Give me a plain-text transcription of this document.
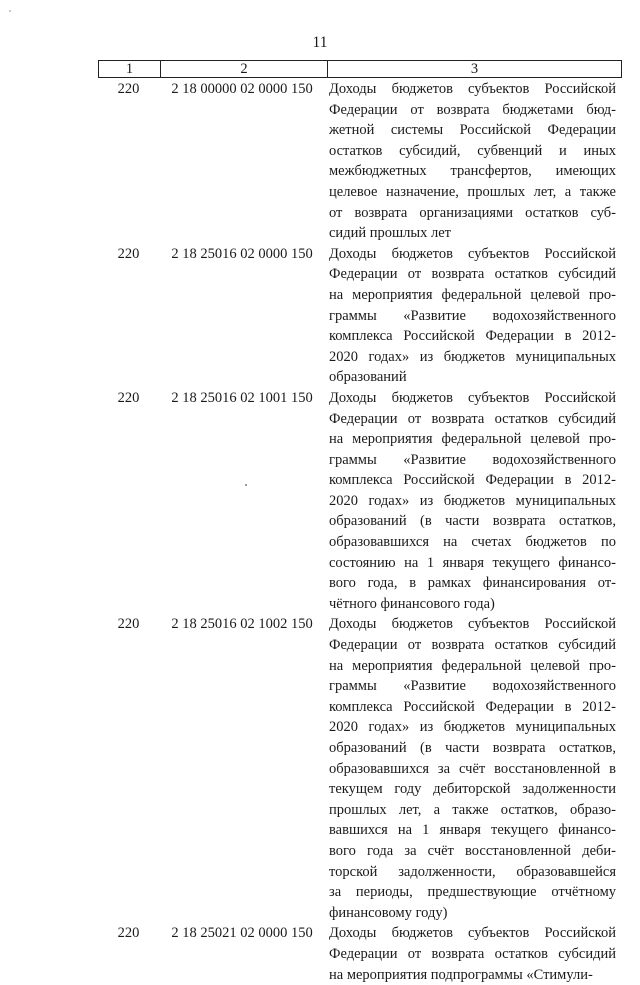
11
1	2	3
220	2 18 00000 02 0000 150	Доходы бюджетов субъектов Российской
Федерации от возврата бюджетами бюд-
жетной системы Российской Федерации
остатков субсидий, субвенций и иных
межбюджетных трансфертов, имеющих
целевое назначение, прошлых лет, а также
от возврата организациями остатков суб-
сидий прошлых лет
220	2 18 25016 02 0000 150	Доходы бюджетов субъектов Российской
Федерации от возврата остатков субсидий
на мероприятия федеральной целевой про-
граммы «Развитие водохозяйственного
комплекса Российской Федерации в 2012-
2020 годах» из бюджетов муниципальных
образований
220	2 18 25016 02 1001 150	Доходы бюджетов субъектов Российской
Федерации от возврата остатков субсидий
на мероприятия федеральной целевой про-
граммы «Развитие водохозяйственного
комплекса Российской Федерации в 2012-
2020 годах» из бюджетов муниципальных
образований (в части возврата остатков,
образовавшихся на счетах бюджетов по
состоянию на 1 января текущего финансо-
вого года, в рамках финансирования от-
чётного финансового года)
220	2 18 25016 02 1002 150	Доходы бюджетов субъектов Российской
Федерации от возврата остатков субсидий
на мероприятия федеральной целевой про-
граммы «Развитие водохозяйственного
комплекса Российской Федерации в 2012-
2020 годах» из бюджетов муниципальных
образований (в части возврата остатков,
образовавшихся за счёт восстановленной в
текущем году дебиторской задолженности
прошлых лет, а также остатков, образо-
вавшихся на 1 января текущего финансо-
вого года за счёт восстановленной деби-
торской задолженности, образовавшейся
за периоды, предшествующие отчётному
финансовому году)
220	2 18 25021 02 0000 150	Доходы бюджетов субъектов Российской
Федерации от возврата остатков субсидий
на мероприятия подпрограммы «Стимули-
